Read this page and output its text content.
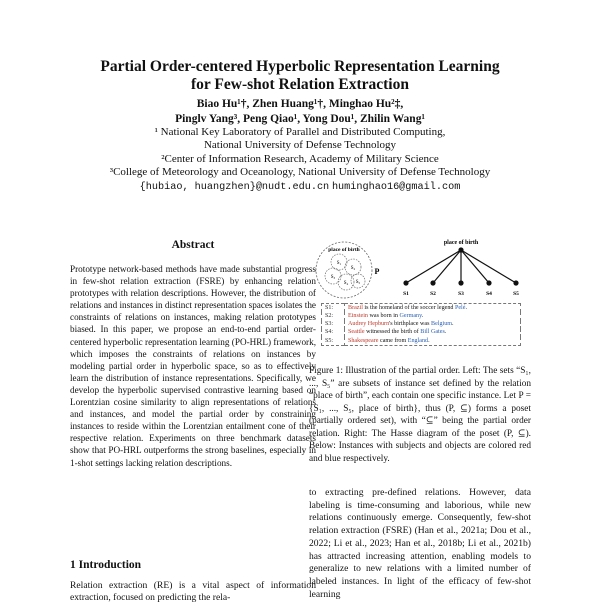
Partial Order-centered Hyperbolic Representation Learning
for Few-shot Relation Extraction
Biao Hu¹†, Zhen Huang¹†, Minghao Hu²‡,
Pinglv Yang³, Peng Qiao¹, Yong Dou¹, Zhilin Wang¹
¹ National Key Laboratory of Parallel and Distributed Computing,
National University of Defense Technology
²Center of Information Research, Academy of Military Science
³College of Meteorology and Oceanology, National University of Defense Technology
{hubiao, huangzhen}@nudt.edu.cn huminghao16@gmail.com
Abstract

Prototype network-based methods have made substantial progress in few-shot relation extraction (FSRE) by enhancing relation prototypes with relation descriptions. However, the distribution of relations and instances in distinct representation spaces isolates the constraints of relations on instances, making relation prototypes biased. In this paper, we propose an end-to-end partial order-centered hyperbolic representation learning (PO-HRL) framework, which imposes the constraints of relations on instances by modeling partial order in hyperbolic space, so as to effectively learn the distribution of instance representations. Specifically, we develop the hyperbolic supervised contrastive learning based on Lorentzian cosine similarity to align representations of relations and instances, and model the partial order by constraining instances to reside within the Lorentzian entailment cone of their respective relation. Experiments on three benchmark datasets show that PO-HRL outperforms the strong baselines, especially in 1-shot settings lacking relation descriptions.

1 Introduction
Relation extraction (RE) is a vital aspect of information extraction, focused on predicting the rela-
place of birth
S₁
S₂
S₃
S₄ S₅
P
place of birth
S1	S2	S3	S4	S5
S1:	Brazil is the homeland of the soccer legend Pelé.
S2:	Einstein was born in Germany.
S3:	Audrey Hepburn's birthplace was Belgium.
S4:	Seattle witnessed the birth of Bill Gates.
S5:	Shakespeare came from England.
Figure 1: Illustration of the partial order. Left: The sets “S₁, ..., S₅” are subsets of instance set defined by the relation “place of birth”, each contain one specific instance. Let P = {S₁, ..., S₅, place of birth}, thus (P, ⊆) forms a poset (partially ordered set), with “⊆” being the partial order relation. Right: The Hasse diagram of the poset (P, ⊆). Below: Instances with subjects and objects are colored red and blue respectively.
to extracting pre-defined relations. However, data labeling is time-consuming and laborious, while new relations continuously emerge. Consequently, few-shot relation extraction (FSRE) (Han et al., 2021a; Dou et al., 2022; Li et al., 2023; Han et al., 2018b; Li et al., 2021b) has attracted increasing attention, enabling models to generalize to new relations with a limited number of labeled instances. In light of the efficacy of few-shot learning
